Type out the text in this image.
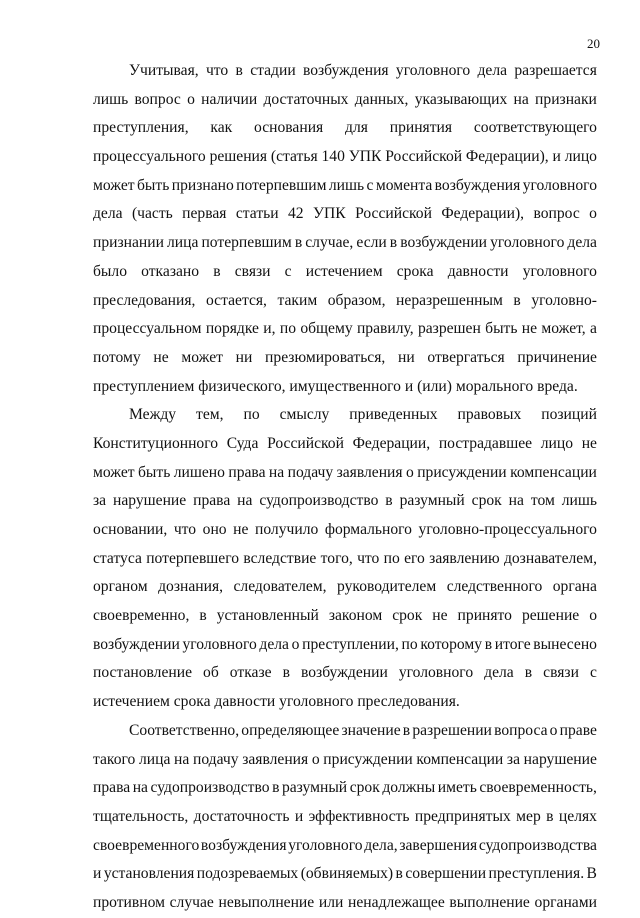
20
Учитывая, что в стадии возбуждения уголовного дела разрешается
лишь вопрос о наличии достаточных данных, указывающих на признаки
преступления, как основания для принятия соответствующего
процессуального решения (статья 140 УПК Российской Федерации), и лицо
может быть признано потерпевшим лишь с момента возбуждения уголовного
дела (часть первая статьи 42 УПК Российской Федерации), вопрос о
признании лица потерпевшим в случае, если в возбуждении уголовного дела
было отказано в связи с истечением срока давности уголовного
преследования, остается, таким образом, неразрешенным в уголовно-
процессуальном порядке и, по общему правилу, разрешен быть не может, а
потому не может ни презюмироваться, ни отвергаться причинение
преступлением физического, имущественного и (или) морального вреда.
Между тем, по смыслу приведенных правовых позиций
Конституционного Суда Российской Федерации, пострадавшее лицо не
может быть лишено права на подачу заявления о присуждении компенсации
за нарушение права на судопроизводство в разумный срок на том лишь
основании, что оно не получило формального уголовно-процессуального
статуса потерпевшего вследствие того, что по его заявлению дознавателем,
органом дознания, следователем, руководителем следственного органа
своевременно, в установленный законом срок не принято решение о
возбуждении уголовного дела о преступлении, по которому в итоге вынесено
постановление об отказе в возбуждении уголовного дела в связи с
истечением срока давности уголовного преследования.
Соответственно, определяющее значение в разрешении вопроса о праве
такого лица на подачу заявления о присуждении компенсации за нарушение
права на судопроизводство в разумный срок должны иметь своевременность,
тщательность, достаточность и эффективность предпринятых мер в целях
своевременного возбуждения уголовного дела, завершения судопроизводства
и установления подозреваемых (обвиняемых) в совершении преступления. В
противном случае невыполнение или ненадлежащее выполнение органами
